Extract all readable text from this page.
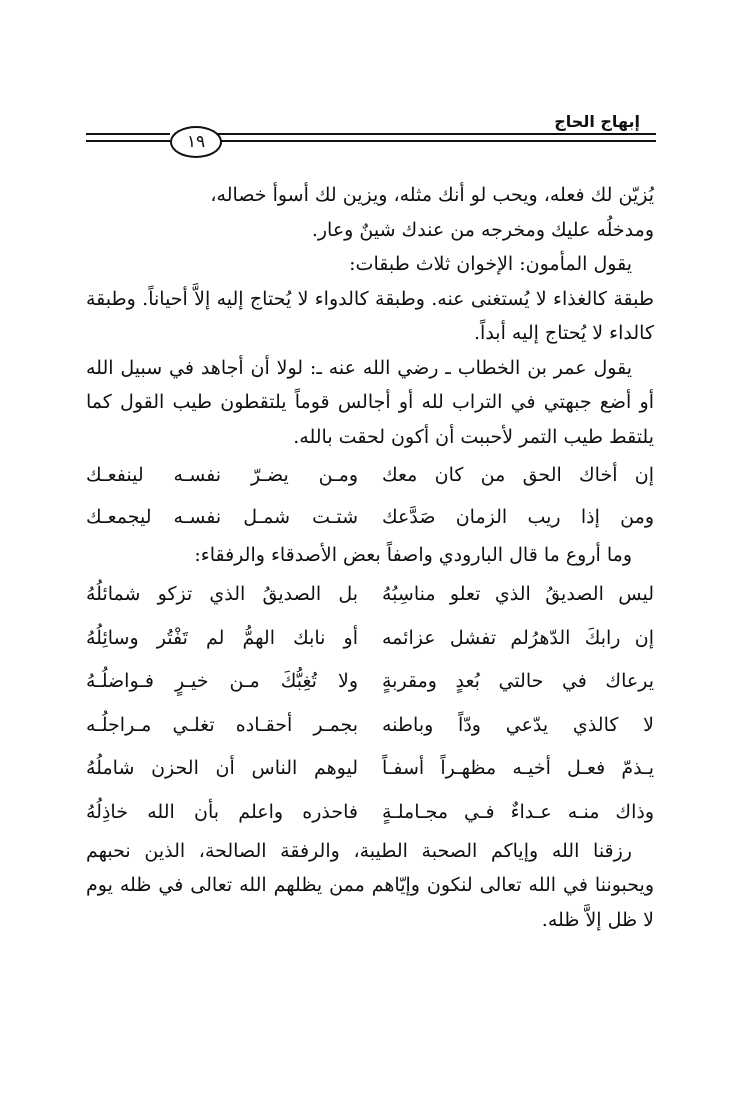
إبهاج الحاج
١٩

يُزيّن لك فعله، ويحب لو أنك مثله، ويزين لك أسوأ خصاله،

ومدخلُه عليك ومخرجه من عندك شينٌ وعار.

يقول المأمون: الإخوان ثلاث طبقات:

طبقة كالغذاء لا يُستغنى عنه. وطبقة كالدواء لا يُحتاج إليه إلاَّ أحياناً. وطبقة كالداء لا يُحتاج إليه أبداً.

يقول عمر بن الخطاب ـ رضي الله عنه ـ: لولا أن أجاهد في سبيل الله أو أضع جبهتي في التراب لله أو أجالس قوماً يلتقطون طيب القول كما يلتقط طيب التمر لأحببت أن أكون لحقت بالله.

إن أخاك الحق من كان معك
ومـن يضـرّ نفسـه لينفعـك
ومن إذا ريب الزمان صَدَّعك
شتـت شمـل نفسـه ليجمعـك

وما أروع ما قال البارودي واصفاً بعض الأصدقاء والرفقاء:

ليس الصديقُ الذي تعلو مناسِبُهُ
بل الصديقُ الذي تزكو شمائلُهُ
إن رابكَ الدّهرُلم تفشل عزائمه
أو نابك الهمُّ لم تَفْتُر وسائِلُهُ
يرعاك في حالتي بُعدٍ ومقربةٍ
ولا تُغِبُّكَ مـن خيـرٍ فـواضلُـهُ
لا كالذي يدّعي ودّاً وباطنه
بجمـر أحقـاده تغلـي مـراجلُـه
يـذمّ فعـل أخيـه مظهـراً أسفـاً
ليوهم الناس أن الحزن شاملُهُ
وذاك منـه عـداءٌ فـي مجـاملـةٍ
فاحذره واعلم بأن الله خاذِلُهُ

رزقنا الله وإياكم الصحبة الطيبة، والرفقة الصالحة، الذين نحبهم ويحبوننا في الله تعالى لنكون وإيّاهم ممن يظلهم الله تعالى في ظله يوم لا ظل إلاَّ ظله.
